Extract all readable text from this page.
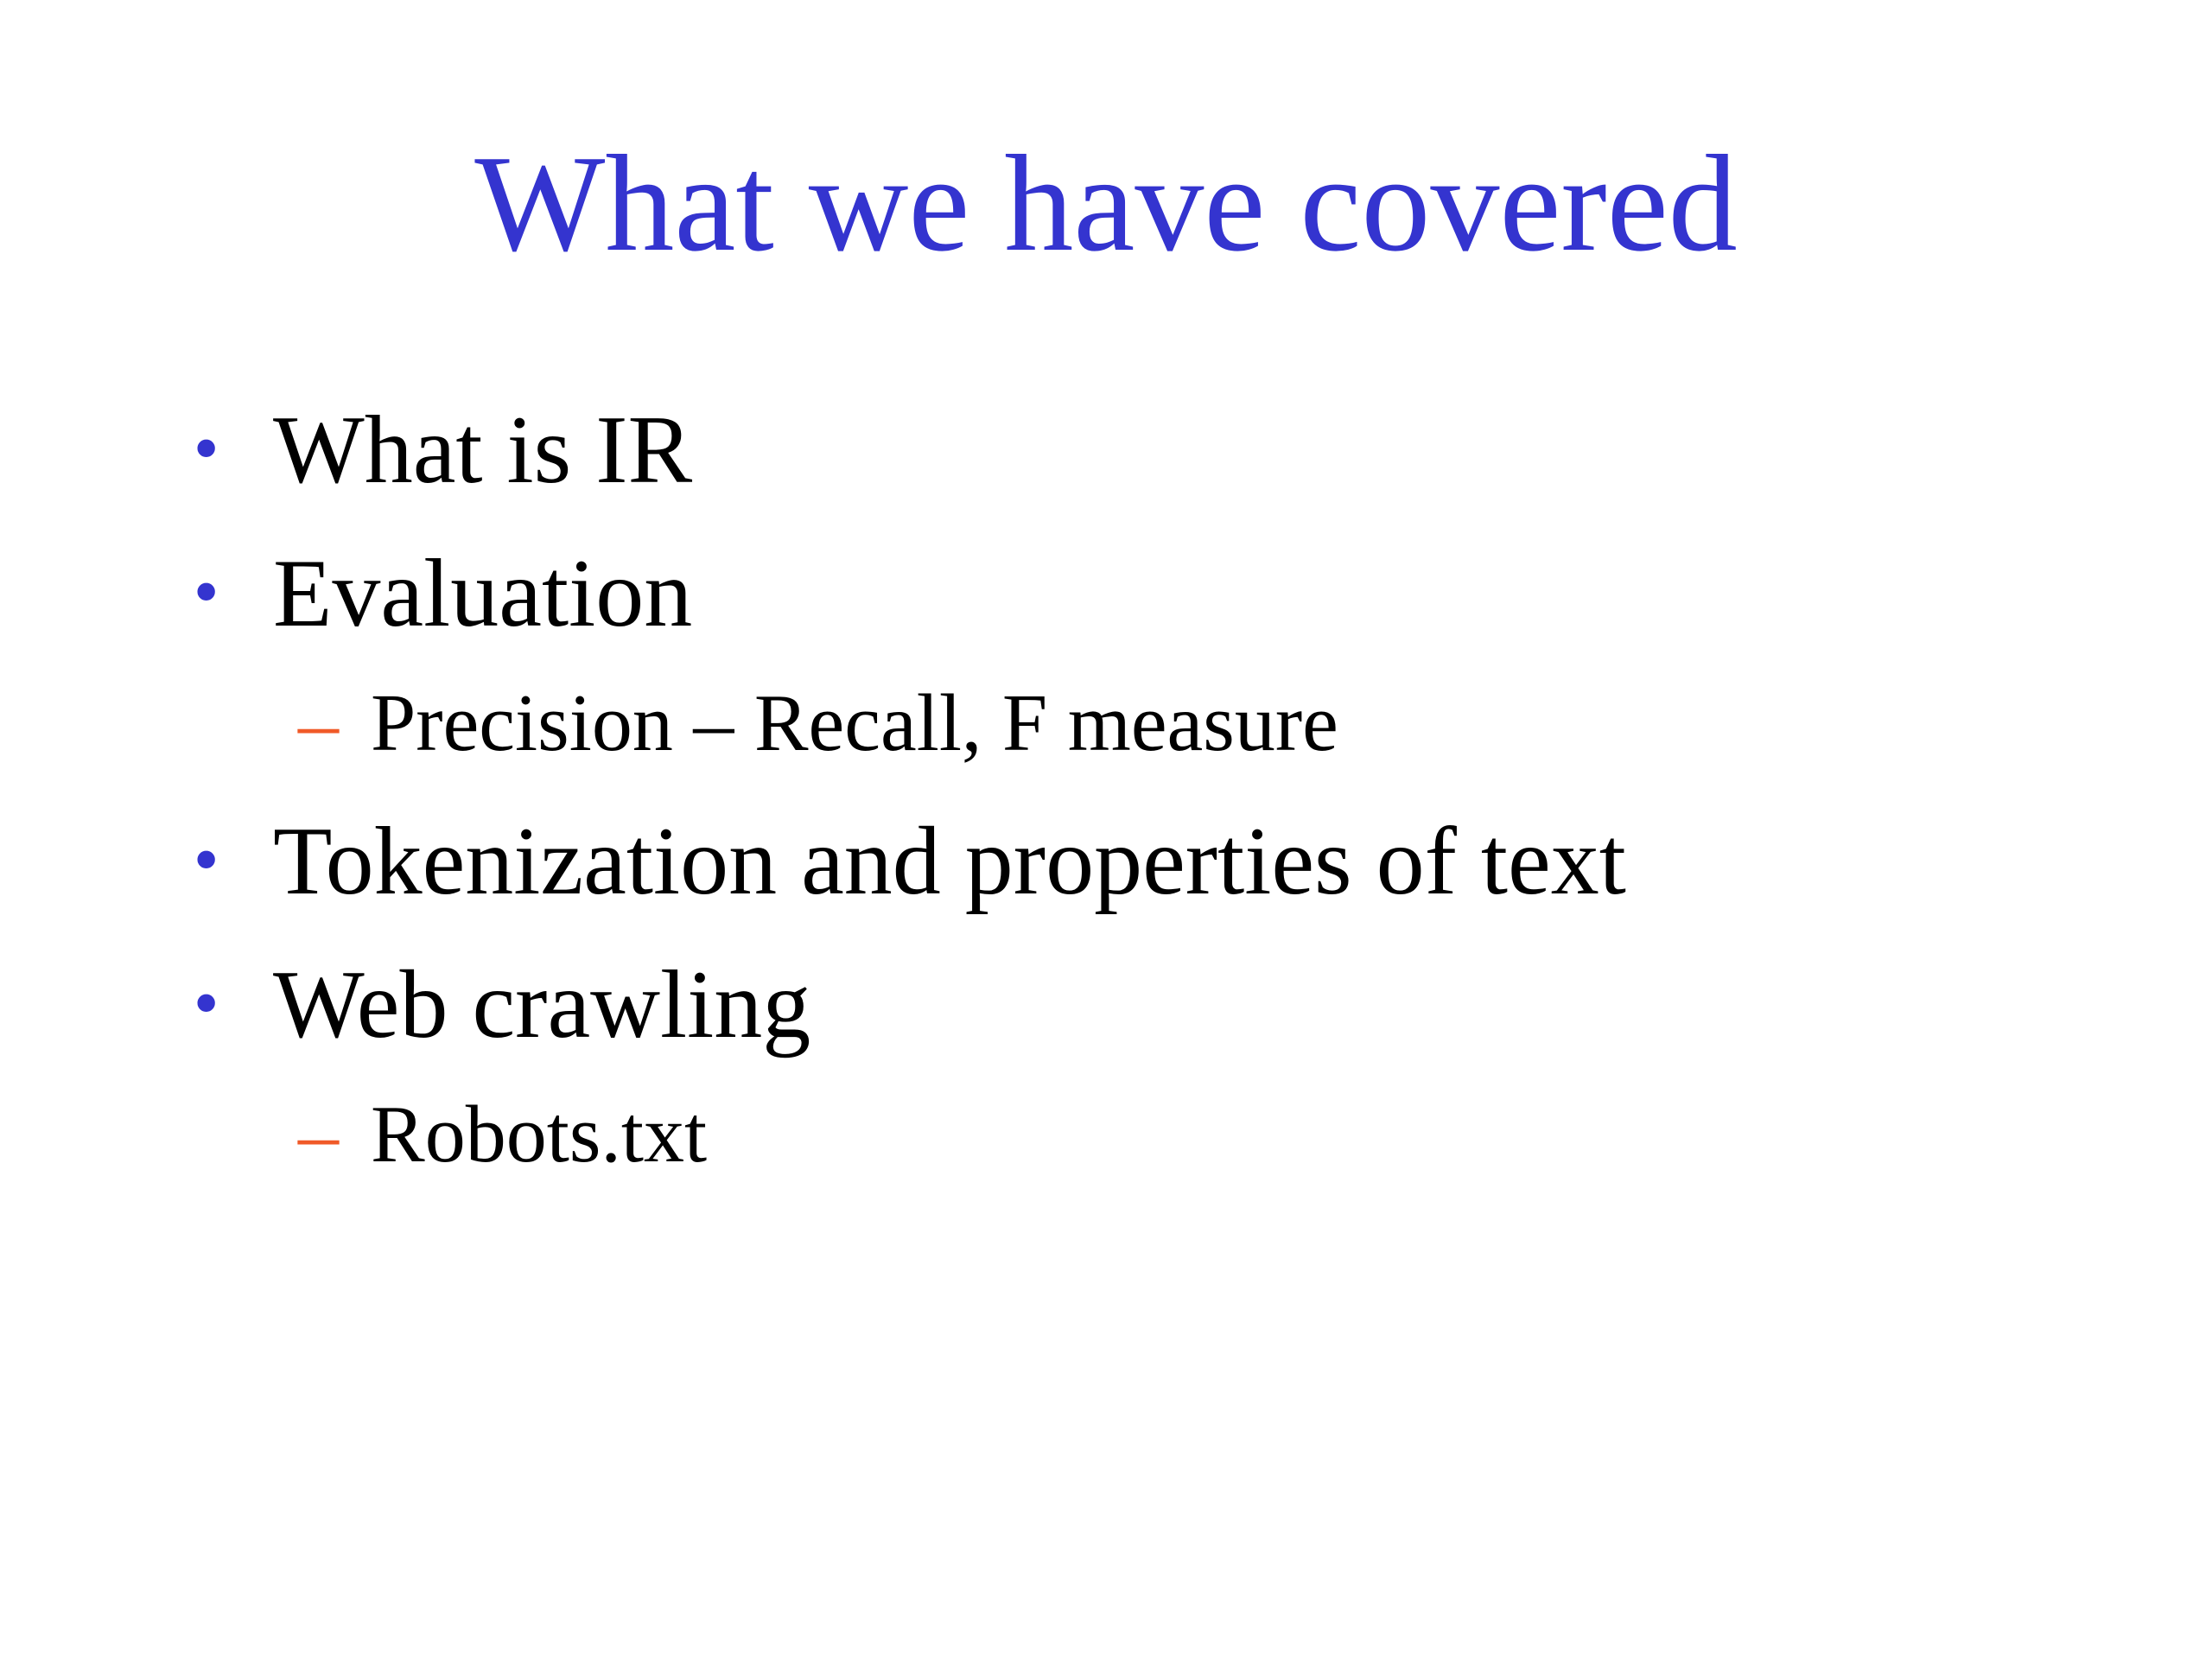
What we have covered
• What is IR
• Evaluation
– Precision – Recall, F measure
• Tokenization and properties of text
• Web crawling
– Robots.txt
